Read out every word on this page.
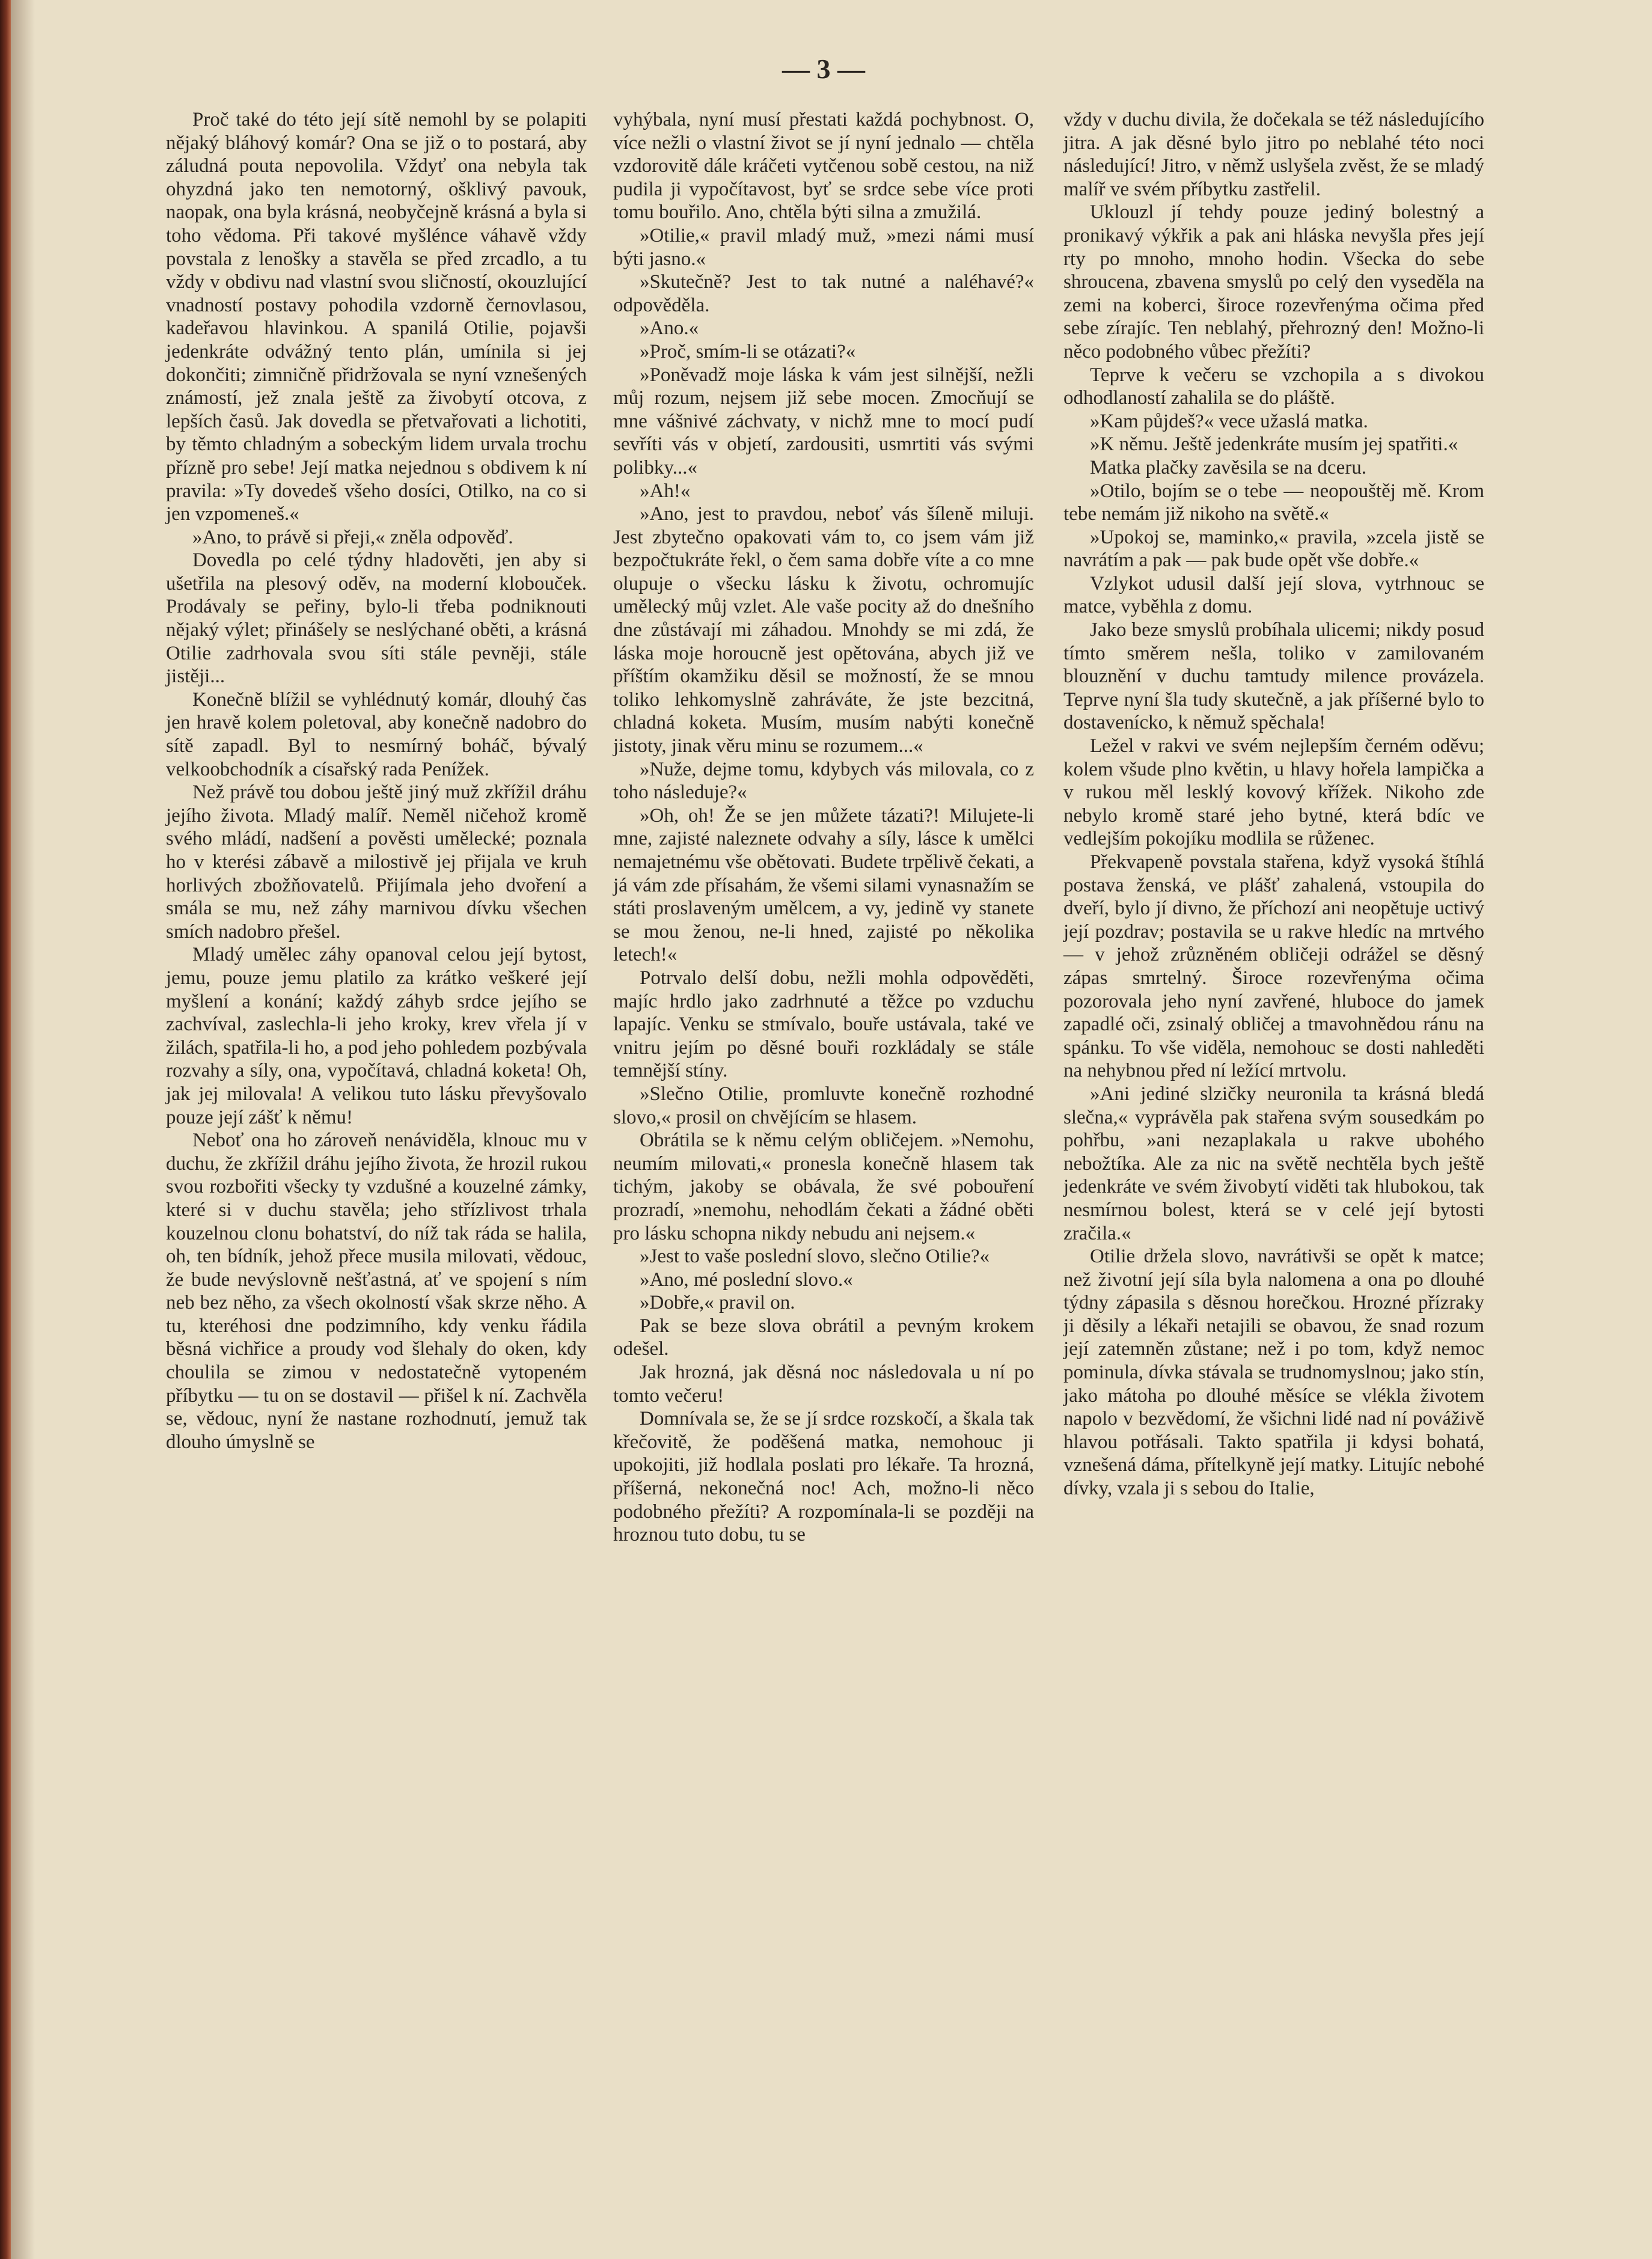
— 3 —

Proč také do této její sítě nemohl by se polapiti nějaký bláhový komár? Ona se již o to postará, aby záludná pouta nepovolila. Vždyť ona nebyla tak ohyzdná jako ten nemotorný, ošklivý pavouk, naopak, ona byla krásná, neobyčejně krásná a byla si toho vědoma. Při takové myšlénce váhavě vždy povstala z lenošky a stavěla se před zrcadlo, a tu vždy v obdivu nad vlastní svou sličností, okouzlující vnadností postavy pohodila vzdorně černovlasou, kadeřavou hlavinkou. A spanilá Otilie, pojavši jedenkráte odvážný tento plán, umínila si jej dokončiti; zimničně přidržovala se nyní vznešených známostí, jež znala ještě za živobytí otcova, z lepších časů. Jak dovedla se přetvařovati a lichotiti, by těmto chladným a sobeckým lidem urvala trochu přízně pro sebe! Její matka nejednou s obdivem k ní pravila: »Ty dovedeš všeho dosíci, Otilko, na co si jen vzpomeneš.«

»Ano, to právě si přeji,« zněla odpověď.

Dovedla po celé týdny hladověti, jen aby si ušetřila na plesový oděv, na moderní klobouček. Prodávaly se peřiny, bylo-li třeba podniknouti nějaký výlet; přinášely se neslýchané oběti, a krásná Otilie zadrhovala svou síti stále pevněji, stále jistěji...

Konečně blížil se vyhlédnutý komár, dlouhý čas jen hravě kolem poletoval, aby konečně nadobro do sítě zapadl. Byl to nesmírný boháč, bývalý velkoobchodník a císařský rada Penížek.

Než právě tou dobou ještě jiný muž zkřížil dráhu jejího života. Mladý malíř. Neměl ničehož kromě svého mládí, nadšení a pověsti umělecké; poznala ho v kterési zábavě a milostivě jej přijala ve kruh horlivých zbožňovatelů. Přijímala jeho dvoření a smála se mu, než záhy marnivou dívku všechen smích nadobro přešel.

Mladý umělec záhy opanoval celou její bytost, jemu, pouze jemu platilo za krátko veškeré její myšlení a konání; každý záhyb srdce jejího se zachvíval, zaslechla-li jeho kroky, krev vřela jí v žilách, spatřila-li ho, a pod jeho pohledem pozbývala rozvahy a síly, ona, vypočítavá, chladná koketa! Oh, jak jej milovala! A velikou tuto lásku převyšovalo pouze její zášť k němu!

Neboť ona ho zároveň nenáviděla, klnouc mu v duchu, že zkřížil dráhu jejího života, že hrozil rukou svou rozbořiti všecky ty vzdušné a kouzelné zámky, které si v duchu stavěla; jeho střízlivost trhala kouzelnou clonu bohatství, do níž tak ráda se halila, oh, ten bídník, jehož přece musila milovati, vědouc, že bude nevýslovně nešťastná, ať ve spojení s ním neb bez něho, za všech okolností však skrze něho. A tu, kteréhosi dne podzimního, kdy venku řádila běsná vichřice a proudy vod šlehaly do oken, kdy choulila se zimou v nedostatečně vytopeném příbytku — tu on se dostavil — přišel k ní. Zachvěla se, vědouc, nyní že nastane rozhodnutí, jemuž tak dlouho úmyslně se

vyhýbala, nyní musí přestati každá pochybnost. O, více nežli o vlastní život se jí nyní jednalo — chtěla vzdorovitě dále kráčeti vytčenou sobě cestou, na niž pudila ji vypočítavost, byť se srdce sebe více proti tomu bouřilo. Ano, chtěla býti silna a zmužilá.

»Otilie,« pravil mladý muž, »mezi námi musí býti jasno.«

»Skutečně? Jest to tak nutné a naléhavé?« odpověděla.

»Ano.«

»Proč, smím-li se otázati?«

»Poněvadž moje láska k vám jest silnější, nežli můj rozum, nejsem již sebe mocen. Zmocňují se mne vášnivé záchvaty, v nichž mne to mocí pudí sevříti vás v objetí, zardousiti, usmrtiti vás svými polibky...«

»Ah!«

»Ano, jest to pravdou, neboť vás šíleně miluji. Jest zbytečno opakovati vám to, co jsem vám již bezpočtukráte řekl, o čem sama dobře víte a co mne olupuje o všecku lásku k životu, ochromujíc umělecký můj vzlet. Ale vaše pocity až do dnešního dne zůstávají mi záhadou. Mnohdy se mi zdá, že láska moje horoucně jest opětována, abych již ve příštím okamžiku děsil se možností, že se mnou toliko lehkomyslně zahráváte, že jste bezcitná, chladná koketa. Musím, musím nabýti konečně jistoty, jinak věru minu se rozumem...«

»Nuže, dejme tomu, kdybych vás milovala, co z toho následuje?«

»Oh, oh! Že se jen můžete tázati?! Milujete-li mne, zajisté naleznete odvahy a síly, lásce k umělci nemajetnému vše obětovati. Budete trpělivě čekati, a já vám zde přísahám, že všemi silami vynasnažím se státi proslaveným umělcem, a vy, jedině vy stanete se mou ženou, ne-li hned, zajisté po několika letech!«

Potrvalo delší dobu, nežli mohla odpověděti, majíc hrdlo jako zadrhnuté a těžce po vzduchu lapajíc. Venku se stmívalo, bouře ustávala, také ve vnitru jejím po děsné bouři rozkládaly se stále temnější stíny.

»Slečno Otilie, promluvte konečně rozhodné slovo,« prosil on chvějícím se hlasem.

Obrátila se k němu celým obličejem. »Nemohu, neumím milovati,« pronesla konečně hlasem tak tichým, jakoby se obávala, že své pobouření prozradí, »nemohu, nehodlám čekati a žádné oběti pro lásku schopna nikdy nebudu ani nejsem.«

»Jest to vaše poslední slovo, slečno Otilie?«

»Ano, mé poslední slovo.«

»Dobře,« pravil on.

Pak se beze slova obrátil a pevným krokem odešel.

Jak hrozná, jak děsná noc následovala u ní po tomto večeru!

Domnívala se, že se jí srdce rozskočí, a škala tak křečovitě, že poděšená matka, nemohouc ji upokojiti, již hodlala poslati pro lékaře. Ta hrozná, příšerná, nekonečná noc! Ach, možno-li něco podobného přežíti? A rozpomínala-li se později na hroznou tuto dobu, tu se

vždy v duchu divila, že dočekala se též následujícího jitra. A jak děsné bylo jitro po neblahé této noci následující! Jitro, v němž uslyšela zvěst, že se mladý malíř ve svém příbytku zastřelil.

Uklouzl jí tehdy pouze jediný bolestný a pronikavý výkřik a pak ani hláska nevyšla přes její rty po mnoho, mnoho hodin. Všecka do sebe shroucena, zbavena smyslů po celý den vyseděla na zemi na koberci, široce rozevřenýma očima před sebe zírajíc. Ten neblahý, přehrozný den! Možno-li něco podobného vůbec přežíti?

Teprve k večeru se vzchopila a s divokou odhodlaností zahalila se do pláště.

»Kam půjdeš?« vece užaslá matka.

»K němu. Ještě jedenkráte musím jej spatřiti.«

Matka plačky zavěsila se na dceru.

»Otilo, bojím se o tebe — neopouštěj mě. Krom tebe nemám již nikoho na světě.«

»Upokoj se, maminko,« pravila, »zcela jistě se navrátím a pak — pak bude opět vše dobře.«

Vzlykot udusil další její slova, vytrhnouc se matce, vyběhla z domu.

Jako beze smyslů probíhala ulicemi; nikdy posud tímto směrem nešla, toliko v zamilovaném blouznění v duchu tamtudy milence provázela. Teprve nyní šla tudy skutečně, a jak příšerné bylo to dostavenícko, k němuž spěchala!

Ležel v rakvi ve svém nejlepším černém oděvu; kolem všude plno květin, u hlavy hořela lampička a v rukou měl lesklý kovový křížek. Nikoho zde nebylo kromě staré jeho bytné, která bdíc ve vedlejším pokojíku modlila se růženec.

Překvapeně povstala stařena, když vysoká štíhlá postava ženská, ve plášť zahalená, vstoupila do dveří, bylo jí divno, že příchozí ani neopětuje uctivý její pozdrav; postavila se u rakve hledíc na mrtvého — v jehož zrůzněném obličeji odrážel se děsný zápas smrtelný. Široce rozevřenýma očima pozorovala jeho nyní zavřené, hluboce do jamek zapadlé oči, zsinalý obličej a tmavohnědou ránu na spánku. To vše viděla, nemohouc se dosti nahleděti na nehybnou před ní ležící mrtvolu.

»Ani jediné slzičky neuronila ta krásná bledá slečna,« vyprávěla pak stařena svým sousedkám po pohřbu, »ani nezaplakala u rakve ubohého nebožtíka. Ale za nic na světě nechtěla bych ještě jedenkráte ve svém živobytí viděti tak hlubokou, tak nesmírnou bolest, která se v celé její bytosti zračila.«

Otilie držela slovo, navrátivši se opět k matce; než životní její síla byla nalomena a ona po dlouhé týdny zápasila s děsnou horečkou. Hrozné přízraky ji děsily a lékaři netajili se obavou, že snad rozum její zatemněn zůstane; než i po tom, když nemoc pominula, dívka stávala se trudnomyslnou; jako stín, jako mátoha po dlouhé měsíce se vlékla životem napolo v bezvědomí, že všichni lidé nad ní pováživě hlavou potřásali. Takto spatřila ji kdysi bohatá, vznešená dáma, přítelkyně její matky. Litujíc nebohé dívky, vzala ji s sebou do Italie,
